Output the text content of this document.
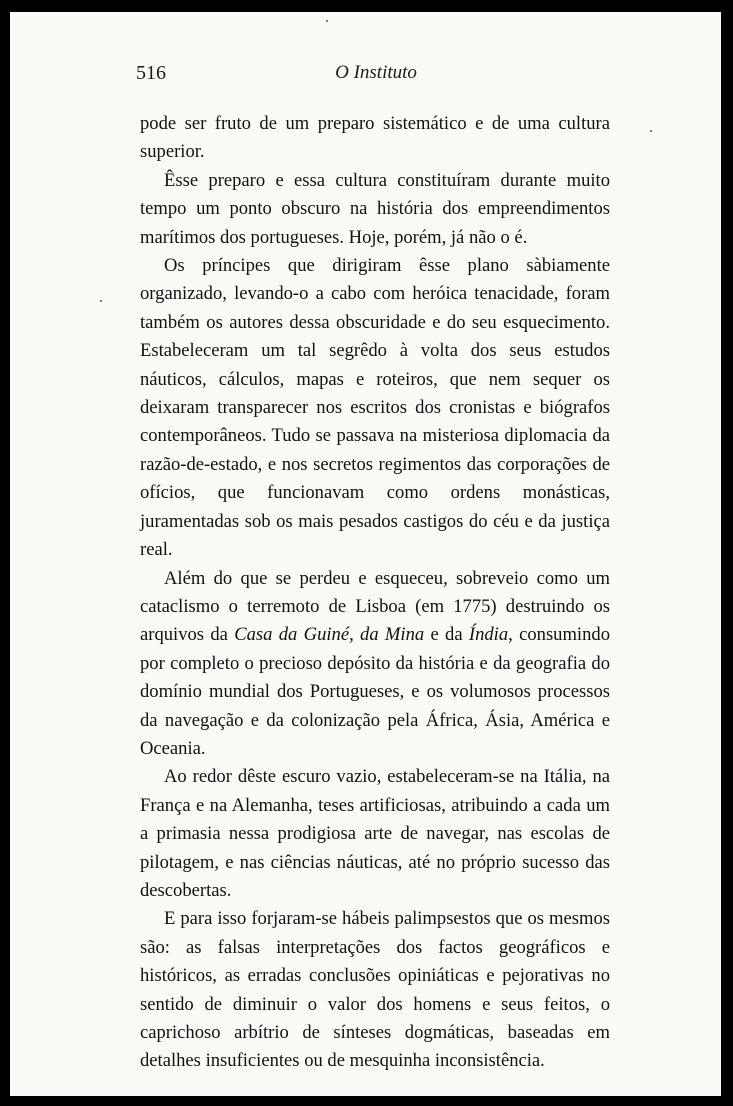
516	O Instituto

pode ser fruto de um preparo sistemático e de uma cultura superior.

Êsse preparo e essa cultura constituíram durante muito tempo um ponto obscuro na história dos empreendimentos marítimos dos portugueses. Hoje, porém, já não o é.

Os príncipes que dirigiram êsse plano sàbiamente organizado, levando-o a cabo com heróica tenacidade, foram também os autores dessa obscuridade e do seu esquecimento. Estabeleceram um tal segrêdo à volta dos seus estudos náuticos, cálculos, mapas e roteiros, que nem sequer os deixaram transparecer nos escritos dos cronistas e biógrafos contemporâneos. Tudo se passava na misteriosa diplomacia da razão-de-estado, e nos secretos regimentos das corporações de ofícios, que funcionavam como ordens monásticas, juramentadas sob os mais pesados castigos do céu e da justiça real.

Além do que se perdeu e esqueceu, sobreveio como um cataclismo o terremoto de Lisboa (em 1775) destruindo os arquivos da Casa da Guiné, da Mina e da Índia, consumindo por completo o precioso depósito da história e da geografia do domínio mundial dos Portugueses, e os volumosos processos da navegação e da colonização pela África, Ásia, América e Oceania.

Ao redor dêste escuro vazio, estabeleceram-se na Itália, na França e na Alemanha, teses artificiosas, atribuindo a cada um a primasia nessa prodigiosa arte de navegar, nas escolas de pilotagem, e nas ciências náuticas, até no próprio sucesso das descobertas.

E para isso forjaram-se hábeis palimpsestos que os mesmos são: as falsas interpretações dos factos geográficos e históricos, as erradas conclusões opiniáticas e pejorativas no sentido de diminuir o valor dos homens e seus feitos, o caprichoso arbítrio de sínteses dogmáticas, baseadas em detalhes insuficientes ou de mesquinha inconsistência.
